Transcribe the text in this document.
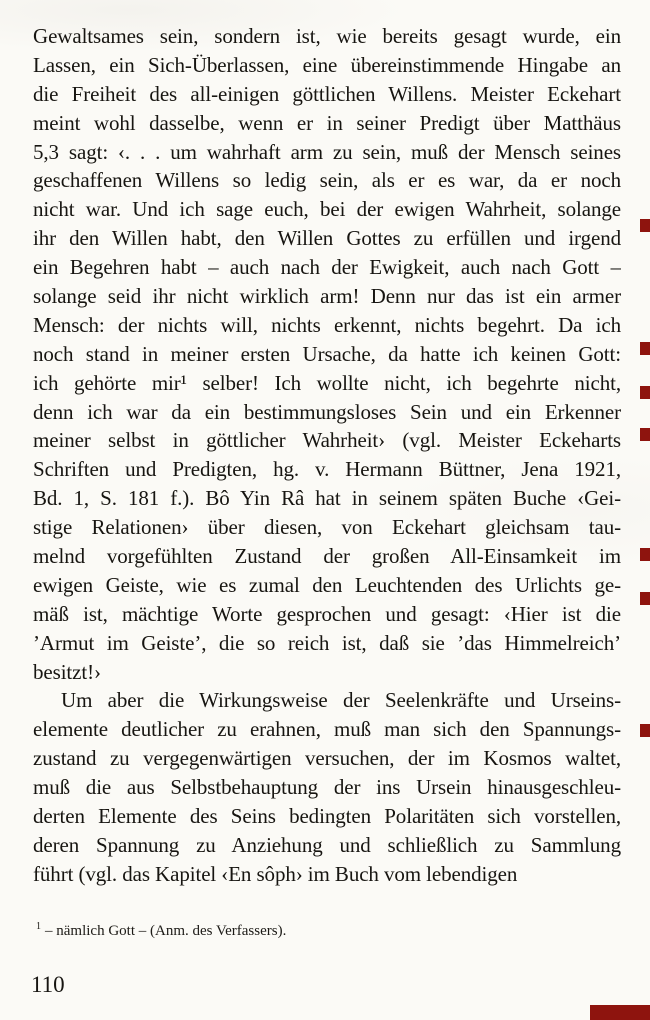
Gewaltsames sein, sondern ist, wie bereits gesagt wurde, ein
Lassen, ein Sich-Überlassen, eine übereinstimmende Hingabe an
die Freiheit des all-einigen göttlichen Willens. Meister Eckehart
meint wohl dasselbe, wenn er in seiner Predigt über Matthäus
5,3 sagt: ‹. . . um wahrhaft arm zu sein, muß der Mensch seines
geschaffenen Willens so ledig sein, als er es war, da er noch
nicht war. Und ich sage euch, bei der ewigen Wahrheit, solange
ihr den Willen habt, den Willen Gottes zu erfüllen und irgend
ein Begehren habt – auch nach der Ewigkeit, auch nach Gott –
solange seid ihr nicht wirklich arm! Denn nur das ist ein armer
Mensch: der nichts will, nichts erkennt, nichts begehrt. Da ich
noch stand in meiner ersten Ursache, da hatte ich keinen Gott:
ich gehörte mir¹ selber! Ich wollte nicht, ich begehrte nicht,
denn ich war da ein bestimmungsloses Sein und ein Erkenner
meiner selbst in göttlicher Wahrheit› (vgl. Meister Eckeharts
Schriften und Predigten, hg. v. Hermann Büttner, Jena 1921,
Bd. 1, S. 181 f.). Bô Yin Râ hat in seinem späten Buche ‹Gei-
stige Relationen› über diesen, von Eckehart gleichsam tau-
melnd vorgefühlten Zustand der großen All-Einsamkeit im
ewigen Geiste, wie es zumal den Leuchtenden des Urlichts ge-
mäß ist, mächtige Worte gesprochen und gesagt: ‹Hier ist die
’Armut im Geiste’, die so reich ist, daß sie ’das Himmelreich’
besitzt!›
Um aber die Wirkungsweise der Seelenkräfte und Urseins-
elemente deutlicher zu erahnen, muß man sich den Spannungs-
zustand zu vergegenwärtigen versuchen, der im Kosmos waltet,
muß die aus Selbstbehauptung der ins Ursein hinausgeschleu-
derten Elemente des Seins bedingten Polaritäten sich vorstellen,
deren Spannung zu Anziehung und schließlich zu Sammlung
führt (vgl. das Kapitel ‹En sôph› im Buch vom lebendigen
$^1$ – nämlich Gott – (Anm. des Verfassers).
110
